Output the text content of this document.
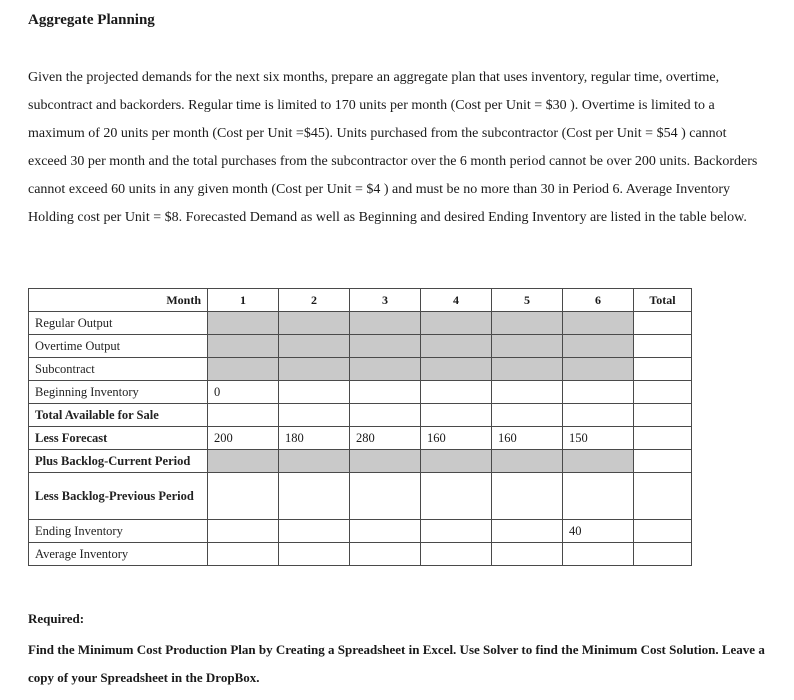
Aggregate Planning

Given the projected demands for the next six months, prepare an aggregate plan that uses inventory, regular time, overtime, subcontract and backorders. Regular time is limited to 170 units per month (Cost per Unit = $30 ). Overtime is limited to a maximum of 20 units per month (Cost per Unit =$45). Units purchased from the subcontractor (Cost per Unit = $54 ) cannot exceed 30 per month and the total purchases from the subcontractor over the 6 month period cannot be over 200 units. Backorders cannot exceed 60 units in any given month (Cost per Unit = $4 ) and must be no more than 30 in Period 6. Average Inventory Holding cost per Unit = $8. Forecasted Demand as well as Beginning and desired Ending Inventory are listed in the table below.

Month	1	2	3	4	5	6	Total
Regular Output							
Overtime Output							
Subcontract							
Beginning Inventory	0						
Total Available for Sale							
Less Forecast	200	180	280	160	160	150	
Plus Backlog-Current Period							
Less Backlog-Previous Period							
Ending Inventory						40	
Average Inventory							

Required:

Find the Minimum Cost Production Plan by Creating a Spreadsheet in Excel. Use Solver to find the Minimum Cost Solution. Leave a copy of your Spreadsheet in the DropBox.
